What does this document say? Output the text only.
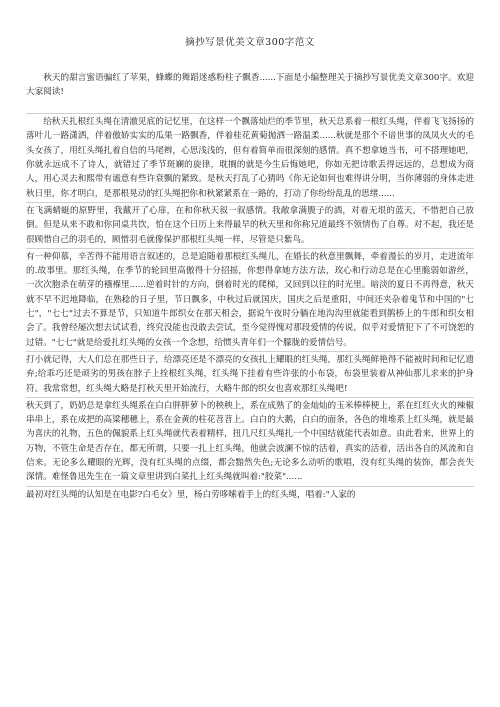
摘抄写景优美文章300字范文

秋天的甜言蜜语骗红了苹果，蜂蝶的舞蹈迷惑粉柱子飘香......下面是小编整理关于摘抄写景优美文章300字。欢迎大家阅读!

给秋天扎根红头绳在清澈见底的记忆里，在这样一个飘落灿烂的季节里，秋天总系着一根红头绳，伴着飞飞扬扬的落叶儿一路潇洒，伴着傲娇实实的瓜果一路飘香，伴着桂花黄菊抛洒一路温柔......秋就是那个不谙世事的凤凤火火的毛头女孩了，用红头绳扎着自信的马尾辫，心思浅浅的，但有着简单而很深刻的感情。真不想拿她当书，可不搭理她吧，你就永远成不了诗人，就错过了季节斑斓的旋律，耽搁的就是今生后悔她吧，你如无把诗歌丢得远远的，总想成为商人，用心灵去和熙带有谧意有些许衰飘的紧致。是秋天打乱了心猜吗《你无论如何也难得讲分明，当你薄弱的身体走进秋日里，你才明白，是那根晃动的红头绳把你和秋紧紧系在一路的，打动了你纷纷乱乱的思绪......

在飞满蜻蜓的原野里，我戴开了心扉，在和你秋天叙一叙感情。我敞拿满腹子的酒，对着无垠的蓝天，不惜把自己放倒。但是从来不敢和你同桌共饮，怕在这个日历上来得最早的秋天里和你称兄道最终不领情伤了自尊。对不起，我还是很顾惜自己的羽毛的，顾惜羽毛就像保护那根红头绳一样，尽管是只紫鸟。

有一种仰慕，辛苦得不能用语言叙述的，总是追随着那根红头绳儿，在婚长的秋意里飘舞，牵着漫长的岁月，走进流年的.故事里。那红头绳，在季节的轮回里高傲得十分招摇，你想得拿她方法方法，玫心和行动总是在心里脆弱如游丝，一次次胞杀在萌芽的襁褓里......逆着时针的方向，倒着时光的爬梯，又回到以往的时光里。暗淡的夏日不再得意，秋天就不早不迟地降临，在熟稔的日子里，节日飘多，中秋过后就国庆，国庆之后是重阳，中间还夹杂着鬼节和中国的"七七"，"七七"过去不算是节，只知道牛郎织女在那天相会，据说午夜时分躺在地沟沟里就能看到鹊桥上的牛郎和织女相会了。我曾经屡次想去试试看，终究没能也没敢去尝试，至今觉得愧对那段爱情的传说，似乎对爱情犯下了不可饶恕的过错。"七七"就是给爱扎红头绳的女孩一个念想，给惯头青年们一个朦胧的爱情信号。

打小就记得，大人们总在那些日子，给漂亮还是不漂亮的女孩扎上耀眼的红头绳，那红头绳鲜艳得不能被时间和记忆遗弃;给乖巧还是顽劣的男孩在脖子上拴根红头绳，红头绳下挂着有些许张的小布袋，布袋里装着从神仙那儿求来的护身符。我常常想，红头绳大略是打秋天里开始流行，大略牛郎的织女也喜欢那红头绳吧!

秋天到了，奶奶总是拿红头绳系在白白胖胖萝卜的秧秧上，系在成熟了的金灿灿的玉米棒棒梗上，系在红红火火的辣椒串串上，系在成把的高粱穗穗上，系在金黄的柱花苕苕上。白白的大鹅，白白的面条，各色的堆堆系上红头绳，就是最为喜庆的礼物，五色的佩貌系上红头绳就代表着精样，扭几尺红头绳扎一个中国结就能代表如意。由此看来，世界上的万物，不管生命是否存在，都无所谓，只要一扎上红头绳，他就会波澜不惊的活着，真实的活着，活出各自的风流和自信来。无论多么耀眼的光辉，没有红头绳的点缀，都会黯然失色;无论多么动听的歌唱，没有红头绳的装饰，都会丧失深情。难怪鲁迅先生在一篇文章里讲到白菜扎上红头绳就叫着:"胶菜"......

最初对红头绳的认知是在电影?白毛女》里，杨白劳哆嗦着手上的红头绳，唱着:"人家的
